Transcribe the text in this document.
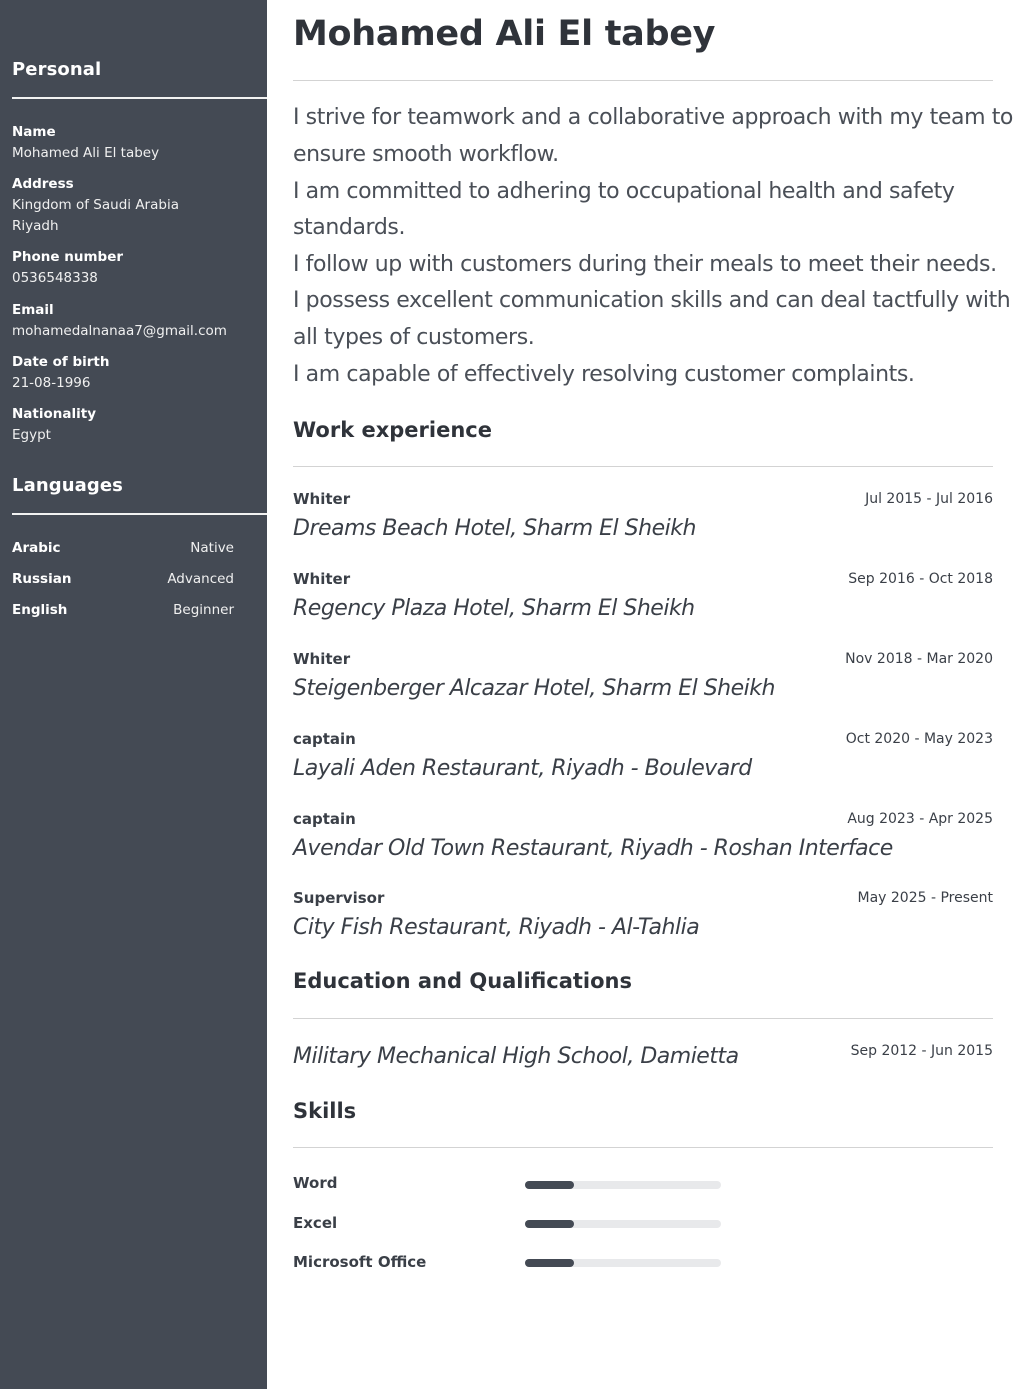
Personal
Name
Mohamed Ali El tabey
Address
Kingdom of Saudi Arabia
Riyadh
Phone number
0536548338
Email
mohamedalnanaa7@gmail.com
Date of birth
21-08-1996
Nationality
Egypt
Languages
Arabic	Native
Russian	Advanced
English	Beginner
Mohamed Ali El tabey
I strive for teamwork and a collaborative approach with my team to
ensure smooth workflow.
I am committed to adhering to occupational health and safety
standards.
I follow up with customers during their meals to meet their needs.
I possess excellent communication skills and can deal tactfully with
all types of customers.
I am capable of effectively resolving customer complaints.
Work experience
Whiter	Jul 2015 - Jul 2016
Dreams Beach Hotel, Sharm El Sheikh
Whiter	Sep 2016 - Oct 2018
Regency Plaza Hotel, Sharm El Sheikh
Whiter	Nov 2018 - Mar 2020
Steigenberger Alcazar Hotel, Sharm El Sheikh
captain	Oct 2020 - May 2023
Layali Aden Restaurant, Riyadh - Boulevard
captain	Aug 2023 - Apr 2025
Avendar Old Town Restaurant, Riyadh - Roshan Interface
Supervisor	May 2025 - Present
City Fish Restaurant, Riyadh - Al-Tahlia
Education and Qualifications
Military Mechanical High School, Damietta	Sep 2012 - Jun 2015
Skills
Word
Excel
Microsoft Office
